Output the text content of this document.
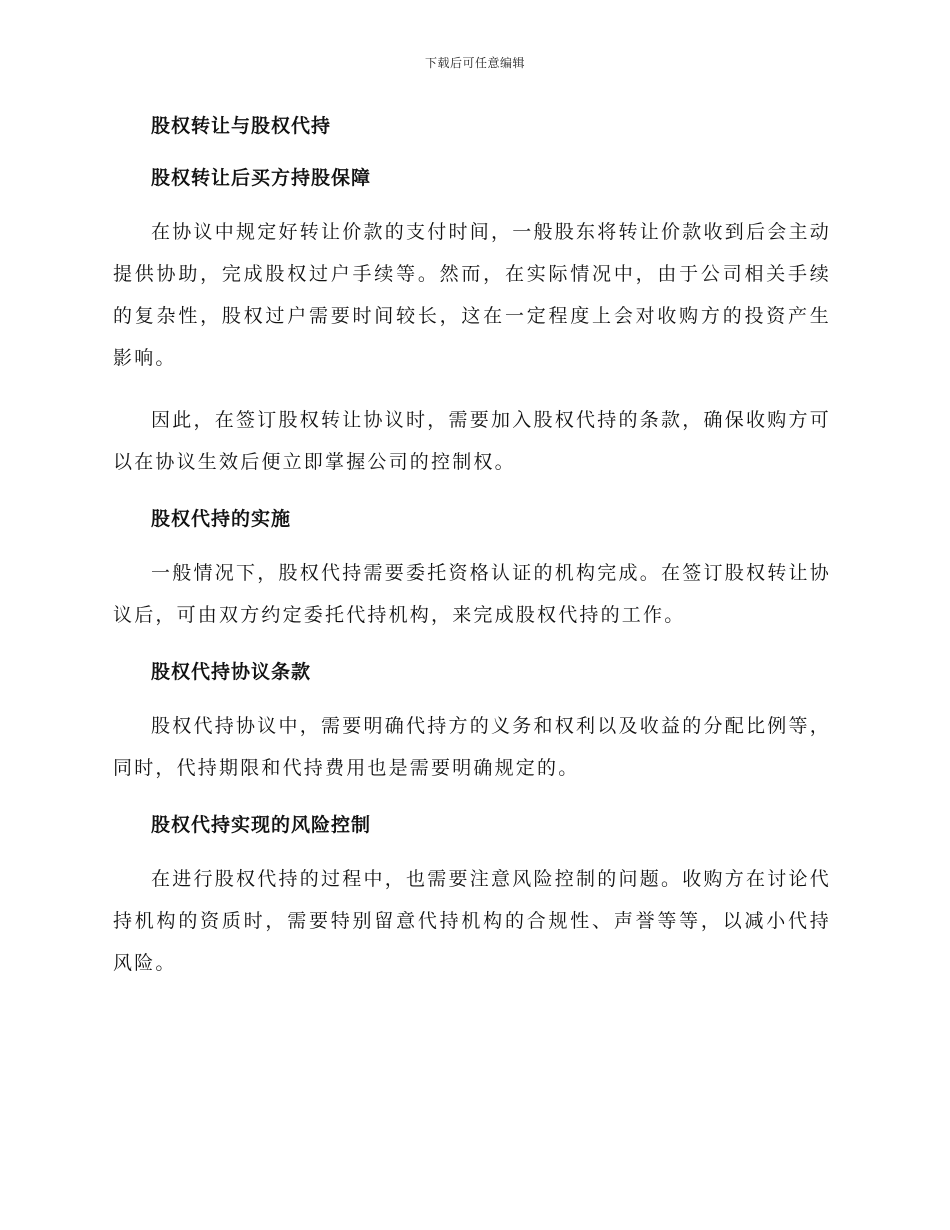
下载后可任意编辑
股权转让与股权代持
股权转让后买方持股保障

在协议中规定好转让价款的支付时间，一般股东将转让价款收到后会主动提供协助，完成股权过户手续等。然而，在实际情况中，由于公司相关手续的复杂性，股权过户需要时间较长，这在一定程度上会对收购方的投资产生影响。

因此，在签订股权转让协议时，需要加入股权代持的条款，确保收购方可以在协议生效后便立即掌握公司的控制权。

股权代持的实施

一般情况下，股权代持需要委托资格认证的机构完成。在签订股权转让协议后，可由双方约定委托代持机构，来完成股权代持的工作。

股权代持协议条款

股权代持协议中，需要明确代持方的义务和权利以及收益的分配比例等，同时，代持期限和代持费用也是需要明确规定的。

股权代持实现的风险控制

在进行股权代持的过程中，也需要注意风险控制的问题。收购方在讨论代持机构的资质时，需要特别留意代持机构的合规性、声誉等等，以减小代持风险。
